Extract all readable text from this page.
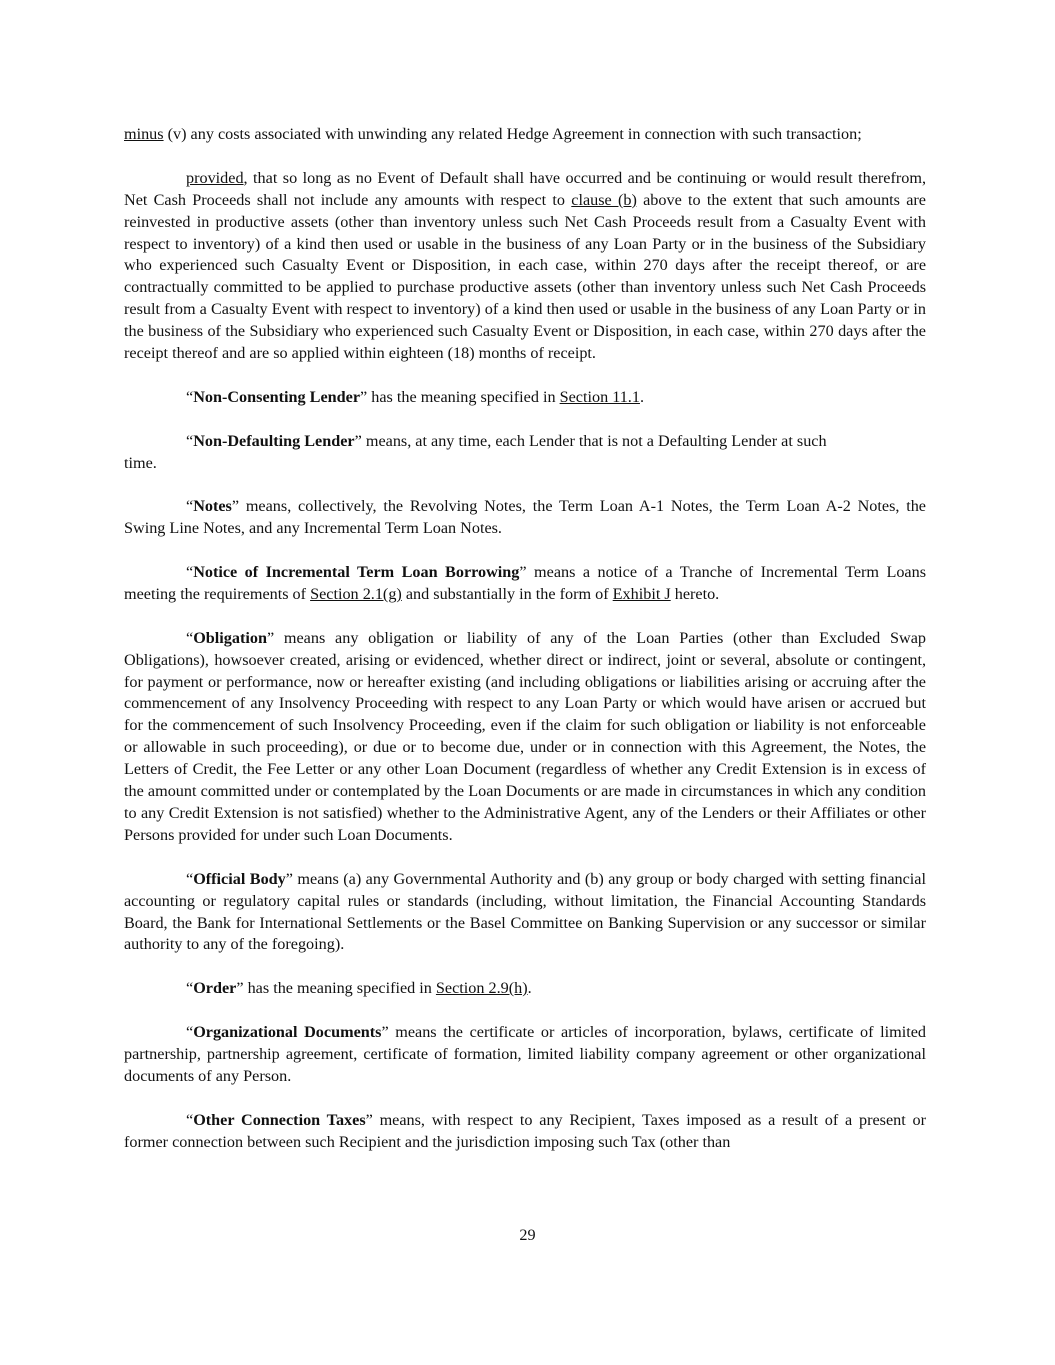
minus (v) any costs associated with unwinding any related Hedge Agreement in connection with such transaction;

provided, that so long as no Event of Default shall have occurred and be continuing or would result therefrom, Net Cash Proceeds shall not include any amounts with respect to clause (b) above to the extent that such amounts are reinvested in productive assets (other than inventory unless such Net Cash Proceeds result from a Casualty Event with respect to inventory) of a kind then used or usable in the business of any Loan Party or in the business of the Subsidiary who experienced such Casualty Event or Disposition, in each case, within 270 days after the receipt thereof, or are contractually committed to be applied to purchase productive assets (other than inventory unless such Net Cash Proceeds result from a Casualty Event with respect to inventory) of a kind then used or usable in the business of any Loan Party or in the business of the Subsidiary who experienced such Casualty Event or Disposition, in each case, within 270 days after the receipt thereof and are so applied within eighteen (18) months of receipt.

“Non-Consenting Lender” has the meaning specified in Section 11.1.

“Non-Defaulting Lender” means, at any time, each Lender that is not a Defaulting Lender at such
time.

“Notes” means, collectively, the Revolving Notes, the Term Loan A-1 Notes, the Term Loan A-2 Notes, the Swing Line Notes, and any Incremental Term Loan Notes.

“Notice of Incremental Term Loan Borrowing” means a notice of a Tranche of Incremental Term Loans meeting the requirements of Section 2.1(g) and substantially in the form of Exhibit J hereto.

“Obligation” means any obligation or liability of any of the Loan Parties (other than Excluded Swap Obligations), howsoever created, arising or evidenced, whether direct or indirect, joint or several, absolute or contingent, for payment or performance, now or hereafter existing (and including obligations or liabilities arising or accruing after the commencement of any Insolvency Proceeding with respect to any Loan Party or which would have arisen or accrued but for the commencement of such Insolvency Proceeding, even if the claim for such obligation or liability is not enforceable or allowable in such proceeding), or due or to become due, under or in connection with this Agreement, the Notes, the Letters of Credit, the Fee Letter or any other Loan Document (regardless of whether any Credit Extension is in excess of the amount committed under or contemplated by the Loan Documents or are made in circumstances in which any condition to any Credit Extension is not satisfied) whether to the Administrative Agent, any of the Lenders or their Affiliates or other Persons provided for under such Loan Documents.

“Official Body” means (a) any Governmental Authority and (b) any group or body charged with setting financial accounting or regulatory capital rules or standards (including, without limitation, the Financial Accounting Standards Board, the Bank for International Settlements or the Basel Committee on Banking Supervision or any successor or similar authority to any of the foregoing).

“Order” has the meaning specified in Section 2.9(h).

“Organizational Documents” means the certificate or articles of incorporation, bylaws, certificate of limited partnership, partnership agreement, certificate of formation, limited liability company agreement or other organizational documents of any Person.

“Other Connection Taxes” means, with respect to any Recipient, Taxes imposed as a result of a present or former connection between such Recipient and the jurisdiction imposing such Tax (other than

29
